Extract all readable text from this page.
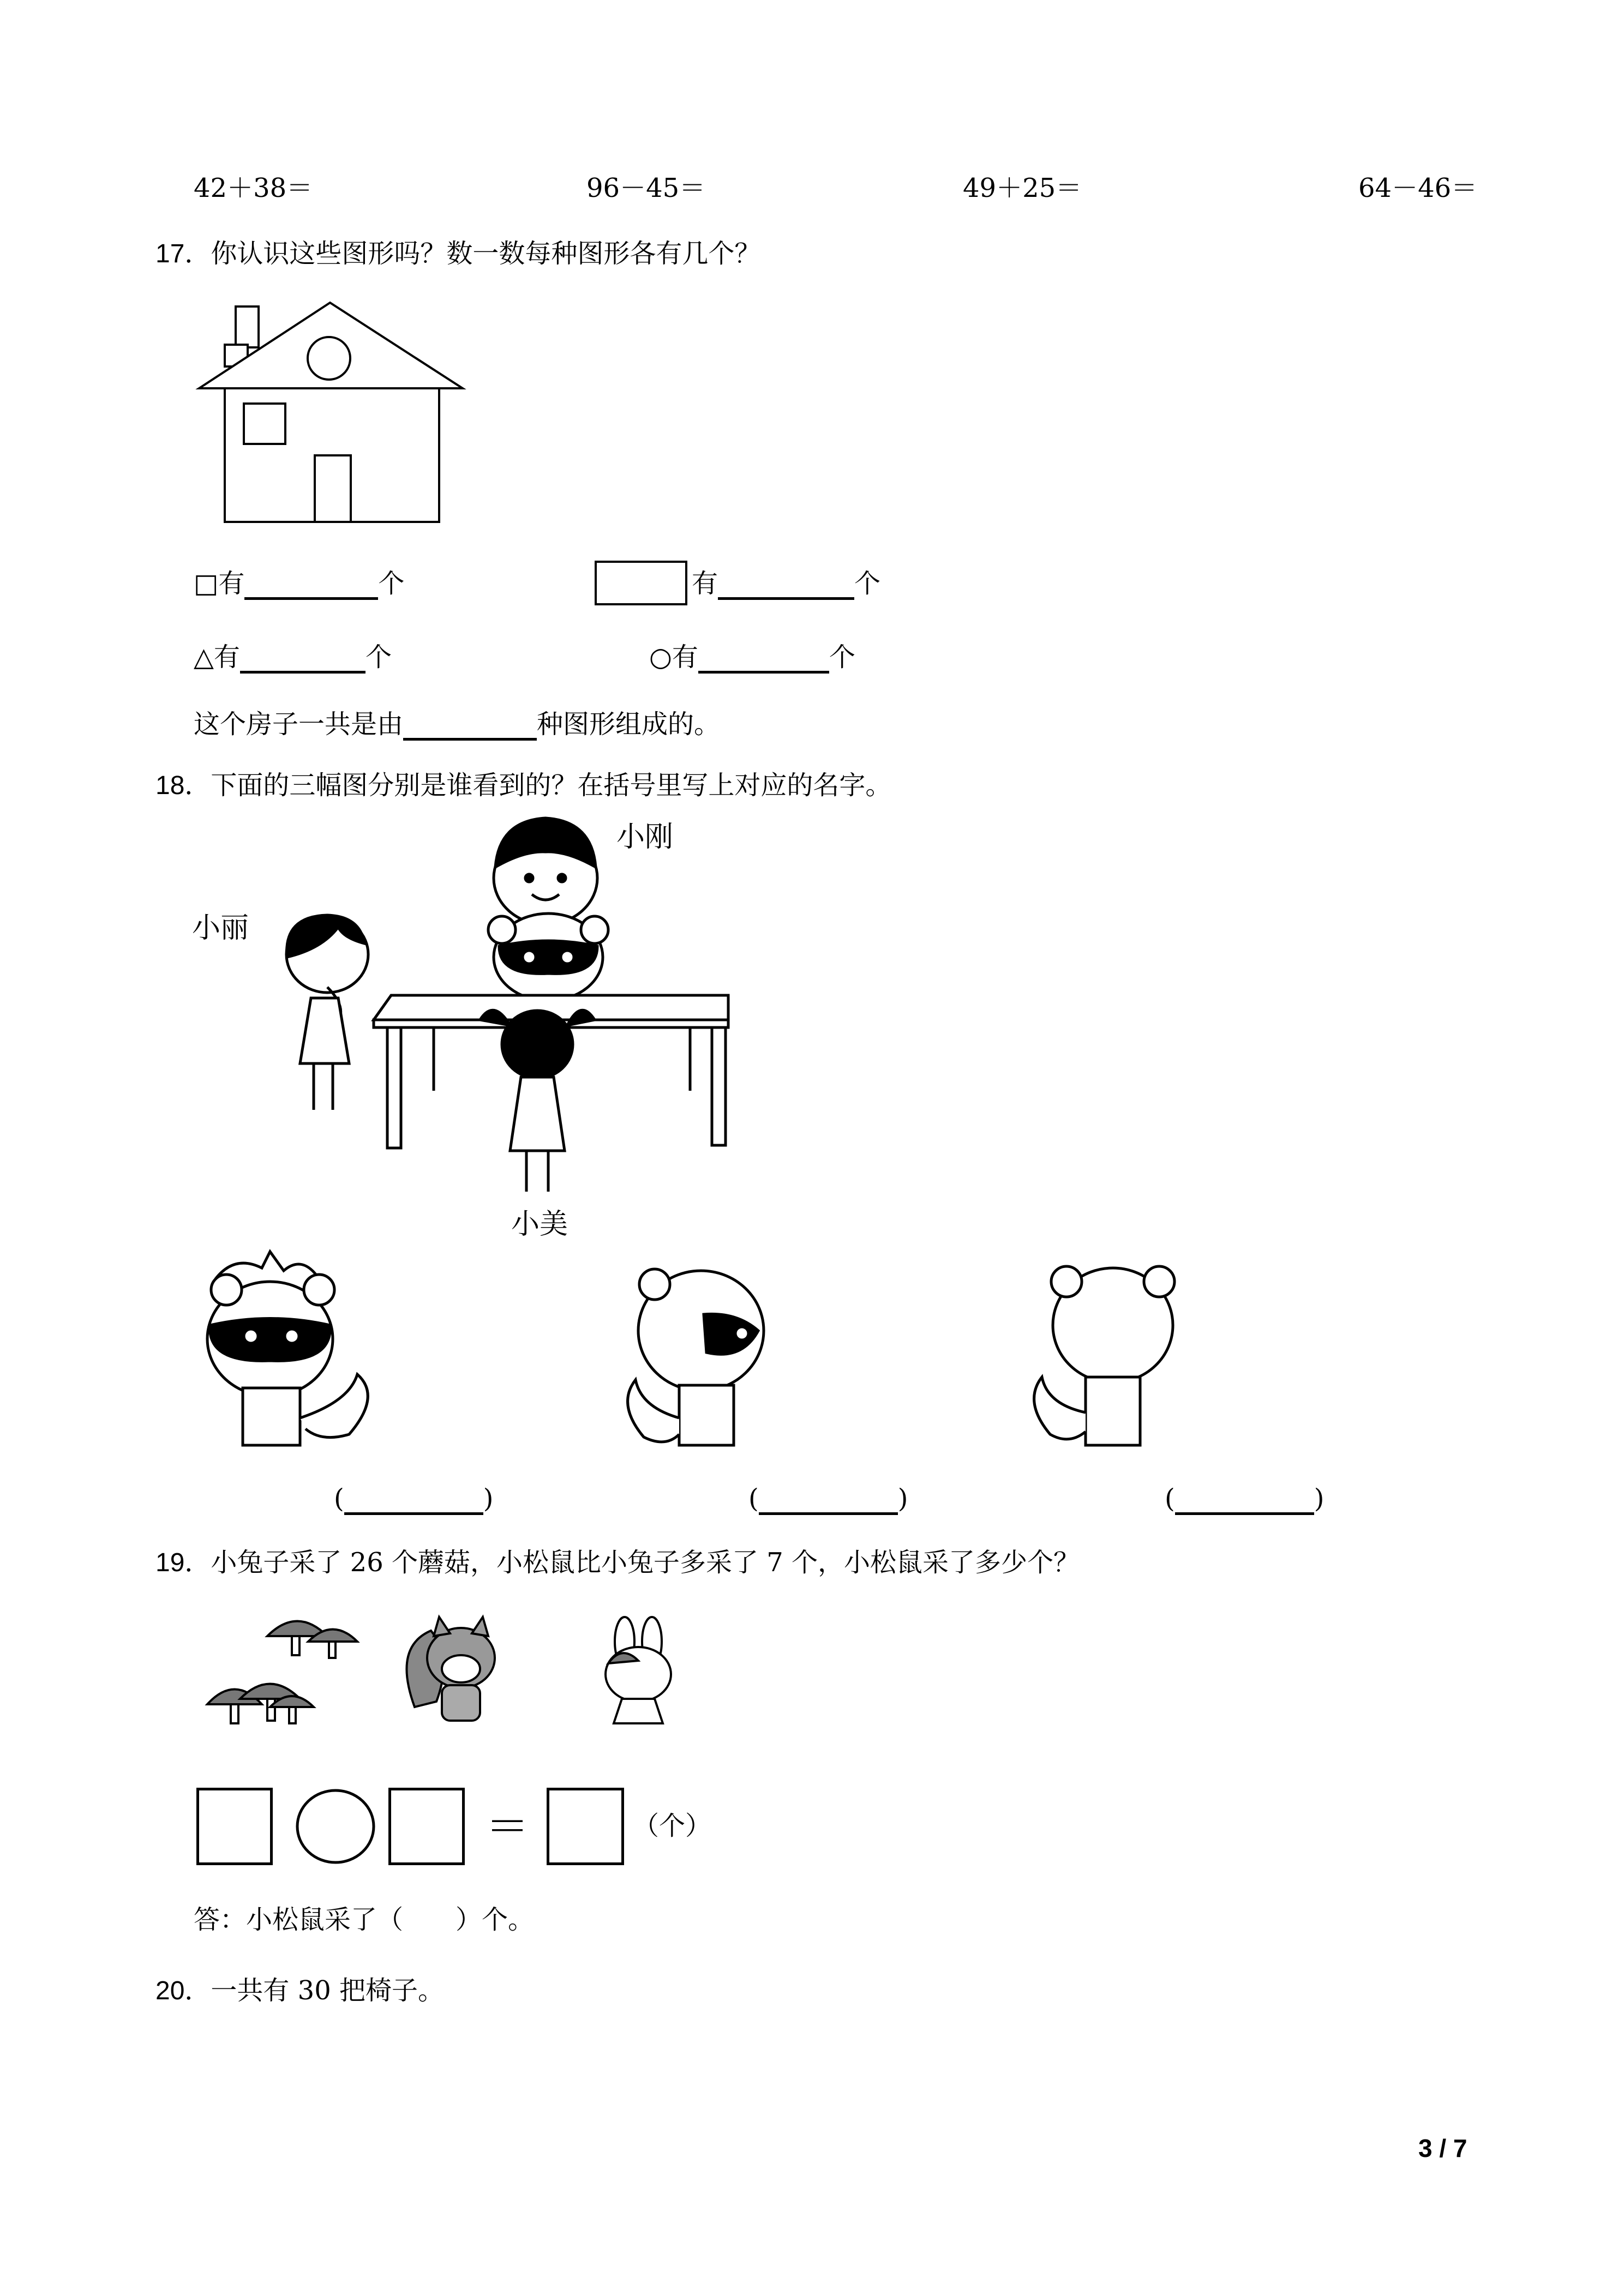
42＋38＝	96－45＝	49＋25＝	64－46＝
17．你认识这些图形吗？数一数每种图形各有几个？
□有	个	有	个
△有	个	○有	个
这个房子一共是由	种图形组成的。
18．下面的三幅图分别是谁看到的？在括号里写上对应的名字。
小刚
小丽
小美
(	)	(	)	(	)
19．小兔子采了 26 个蘑菇，小松鼠比小兔子多采了 7 个，小松鼠采了多少个？
＝	（个）
答：小松鼠采了（　　）个。
20．一共有 30 把椅子。
3 / 7
